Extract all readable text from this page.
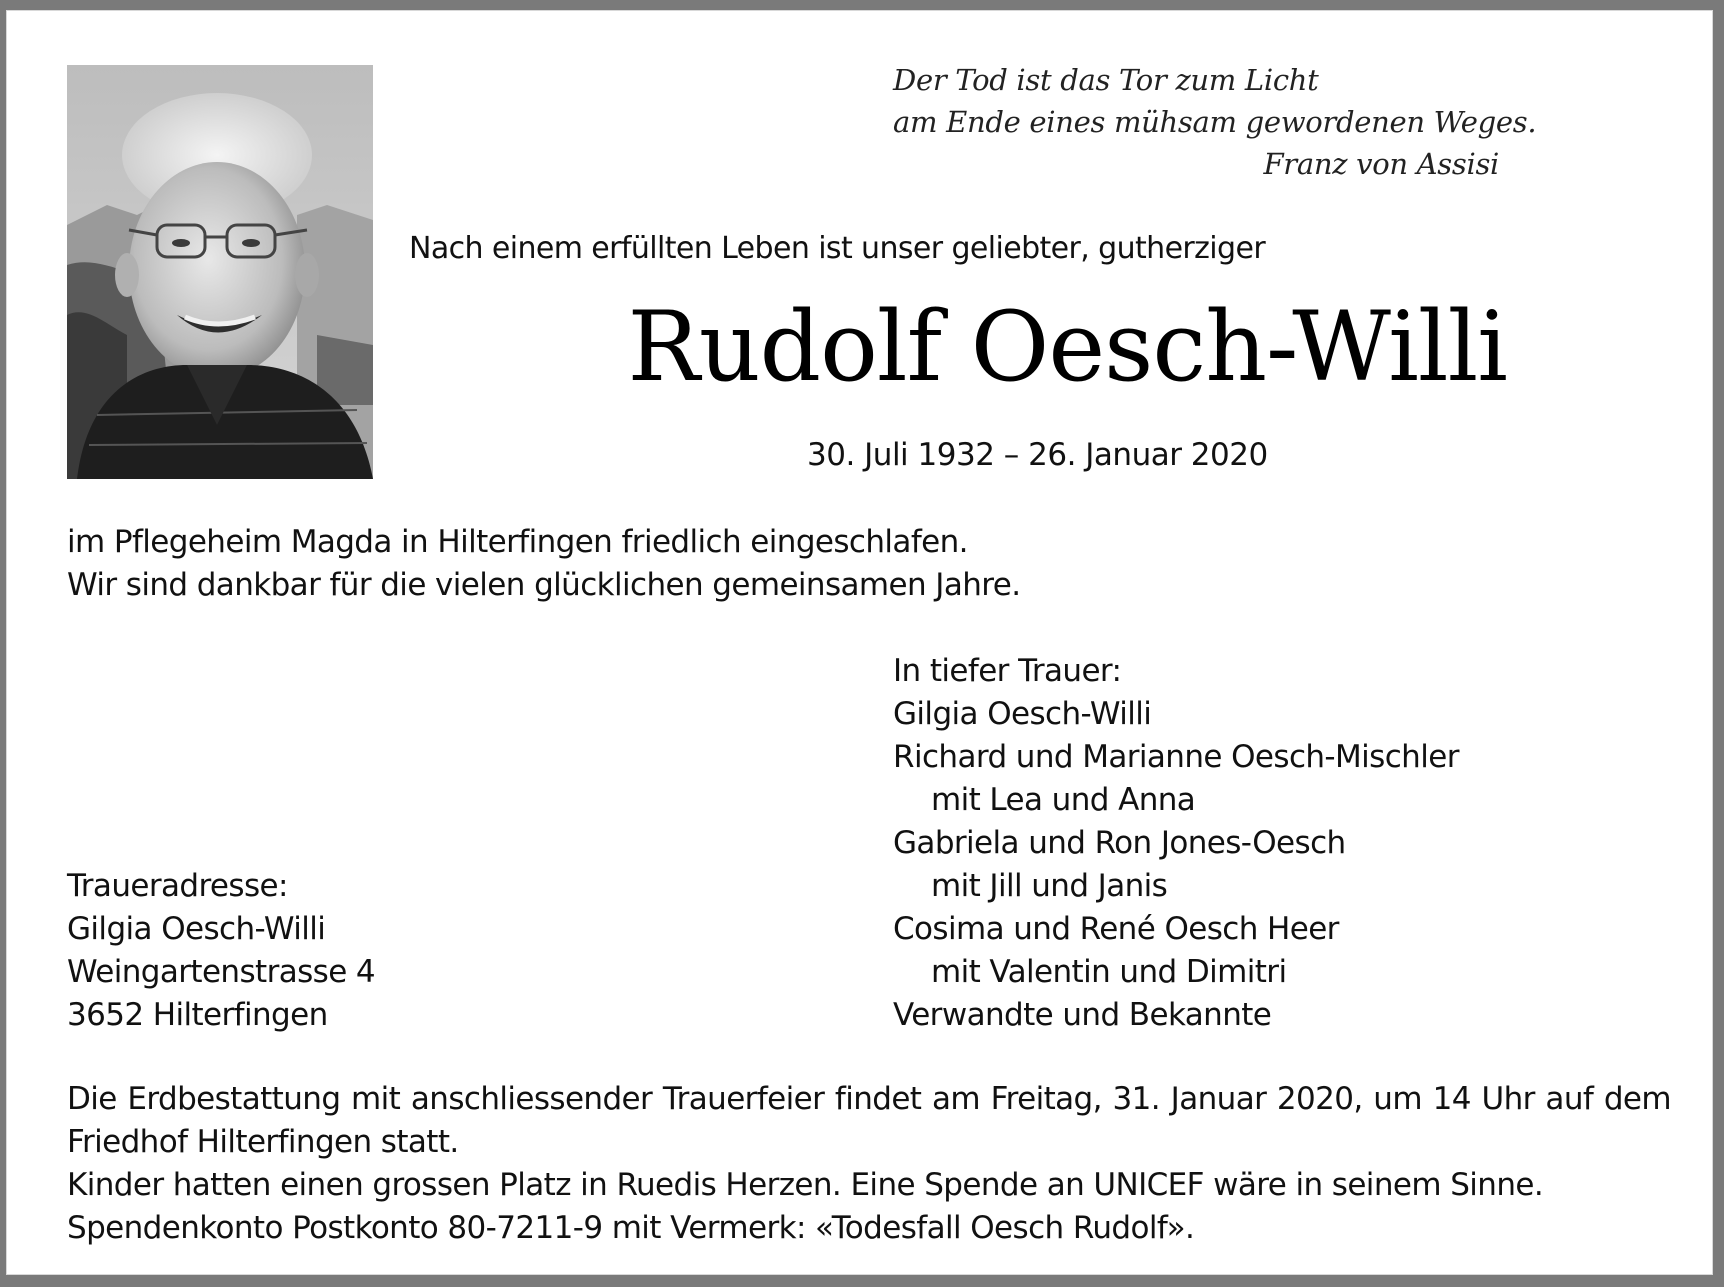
Der Tod ist das Tor zum Licht
am Ende eines mühsam gewordenen Weges.
Franz von Assisi
Nach einem erfüllten Leben ist unser geliebter, gutherziger
Rudolf Oesch-Willi
30. Juli 1932 – 26. Januar 2020
im Pflegeheim Magda in Hilterfingen friedlich eingeschlafen.
Wir sind dankbar für die vielen glücklichen gemeinsamen Jahre.
In tiefer Trauer:
Gilgia Oesch-Willi
Richard und Marianne Oesch-Mischler
mit Lea und Anna
Gabriela und Ron Jones-Oesch
mit Jill und Janis
Cosima und René Oesch Heer
mit Valentin und Dimitri
Verwandte und Bekannte
Traueradresse:
Gilgia Oesch-Willi
Weingartenstrasse 4
3652 Hilterfingen
Die Erdbestattung mit anschliessender Trauerfeier findet am Freitag, 31. Januar 2020, um 14 Uhr auf dem
Friedhof Hilterfingen statt.
Kinder hatten einen grossen Platz in Ruedis Herzen. Eine Spende an UNICEF wäre in seinem Sinne.
Spendenkonto Postkonto 80-7211-9 mit Vermerk: «Todesfall Oesch Rudolf».
